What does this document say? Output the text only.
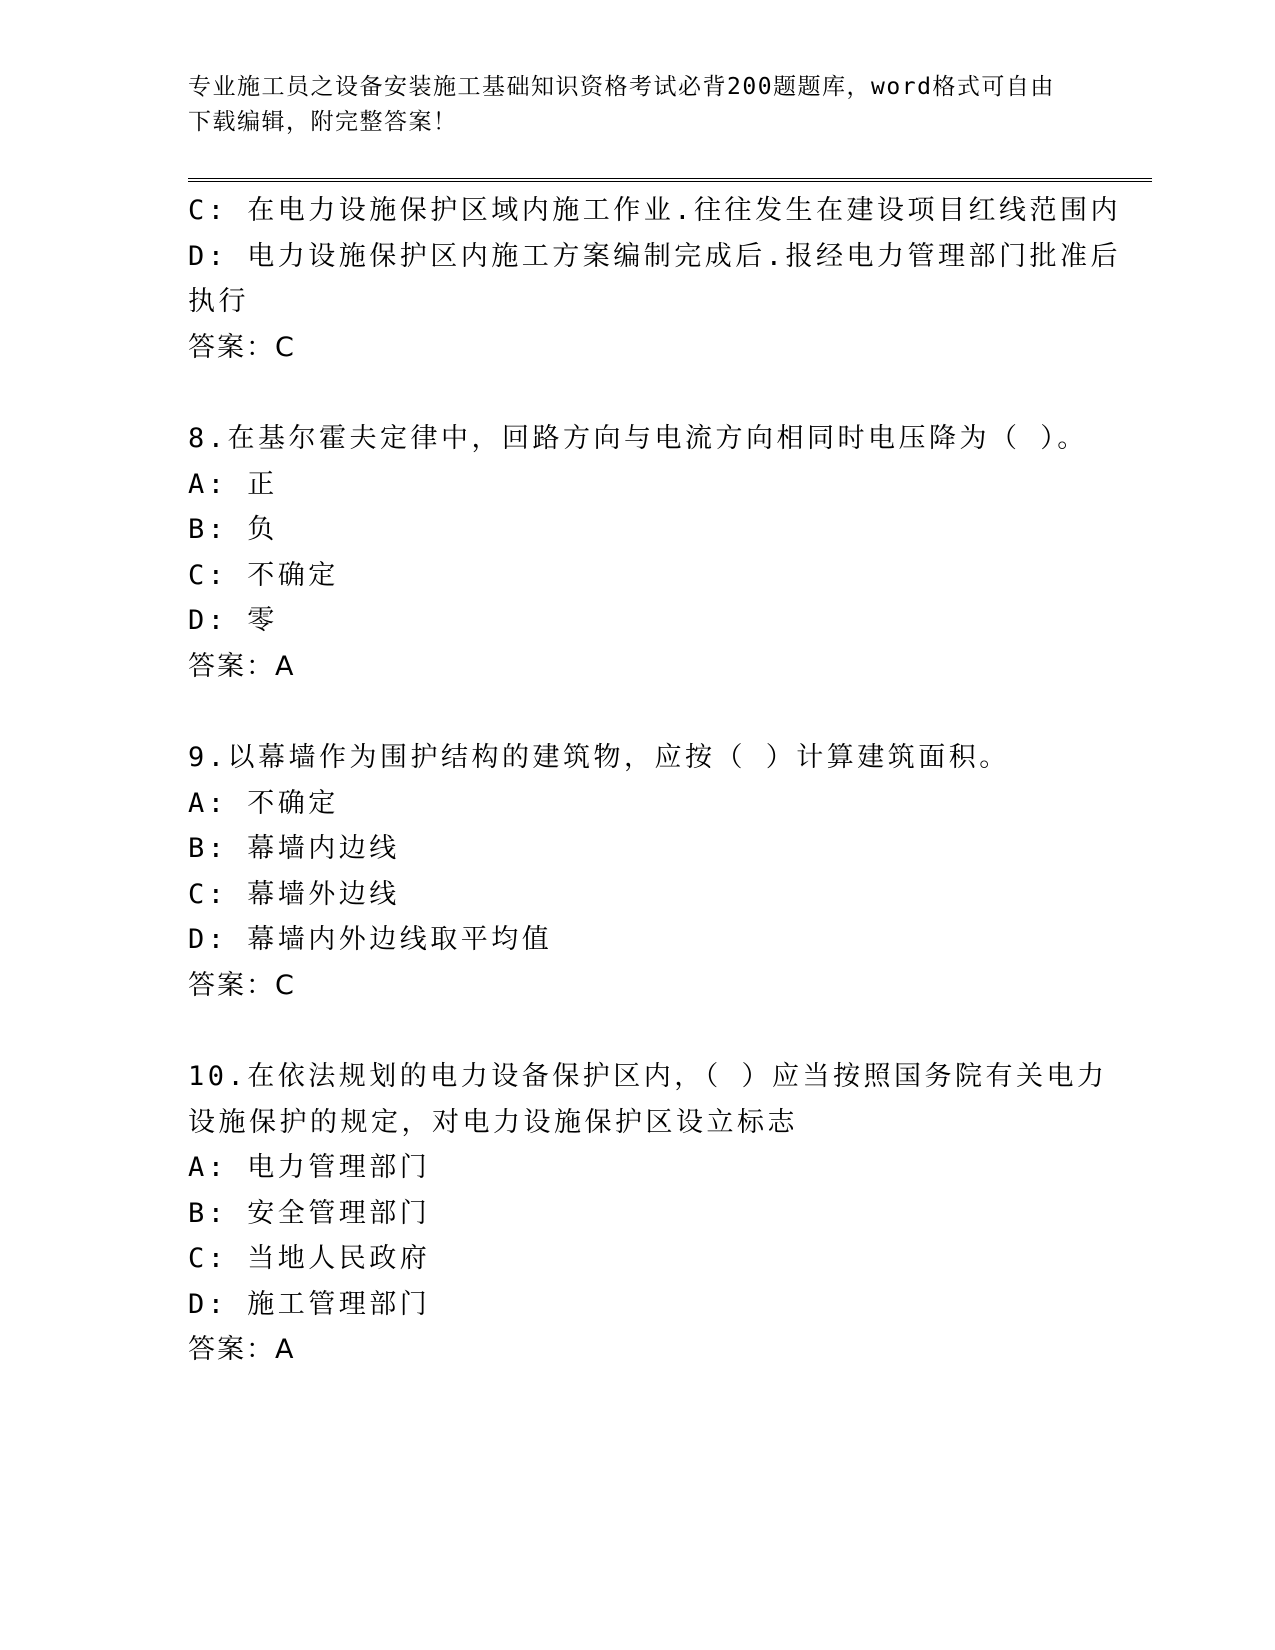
专业施工员之设备安装施工基础知识资格考试必背200题题库，word格式可自由
下载编辑，附完整答案！
C: 在电力设施保护区域内施工作业.往往发生在建设项目红线范围内
D: 电力设施保护区内施工方案编制完成后.报经电力管理部门批准后
执行
答案：C
8.在基尔霍夫定律中，回路方向与电流方向相同时电压降为（ ）。
A: 正
B: 负
C: 不确定
D: 零
答案：A
9.以幕墙作为围护结构的建筑物，应按（ ）计算建筑面积。
A: 不确定
B: 幕墙内边线
C: 幕墙外边线
D: 幕墙内外边线取平均值
答案：C
10.在依法规划的电力设备保护区内，（ ）应当按照国务院有关电力
设施保护的规定，对电力设施保护区设立标志
A: 电力管理部门
B: 安全管理部门
C: 当地人民政府
D: 施工管理部门
答案：A
